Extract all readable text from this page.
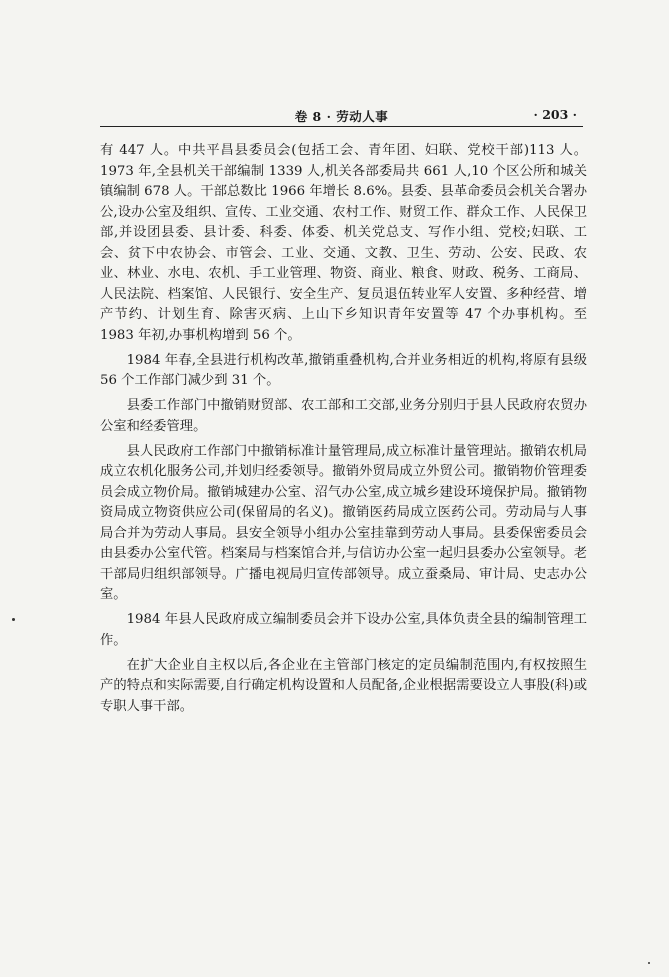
卷 8 · 劳动人事	· 203 ·

有 447 人。中共平昌县委员会(包括工会、青年团、妇联、党校干部)113 人。1973 年,全县机关干部编制 1339 人,机关各部委局共 661 人,10 个区公所和城关镇编制 678 人。干部总数比 1966 年增长 8.6%。县委、县革命委员会机关合署办公,设办公室及组织、宣传、工业交通、农村工作、财贸工作、群众工作、人民保卫部,并设团县委、县计委、科委、体委、机关党总支、写作小组、党校;妇联、工会、贫下中农协会、市管会、工业、交通、文教、卫生、劳动、公安、民政、农业、林业、水电、农机、手工业管理、物资、商业、粮食、财政、税务、工商局、人民法院、档案馆、人民银行、安全生产、复员退伍转业军人安置、多种经营、增产节约、计划生育、除害灭病、上山下乡知识青年安置等 47 个办事机构。至 1983 年初,办事机构增到 56 个。

1984 年春,全县进行机构改革,撤销重叠机构,合并业务相近的机构,将原有县级 56 个工作部门减少到 31 个。

县委工作部门中撤销财贸部、农工部和工交部,业务分别归于县人民政府农贸办公室和经委管理。

县人民政府工作部门中撤销标准计量管理局,成立标准计量管理站。撤销农机局成立农机化服务公司,并划归经委领导。撤销外贸局成立外贸公司。撤销物价管理委员会成立物价局。撤销城建办公室、沼气办公室,成立城乡建设环境保护局。撤销物资局成立物资供应公司(保留局的名义)。撤销医药局成立医药公司。劳动局与人事局合并为劳动人事局。县安全领导小组办公室挂靠到劳动人事局。县委保密委员会由县委办公室代管。档案局与档案馆合并,与信访办公室一起归县委办公室领导。老干部局归组织部领导。广播电视局归宣传部领导。成立蚕桑局、审计局、史志办公室。

1984 年县人民政府成立编制委员会并下设办公室,具体负责全县的编制管理工作。

在扩大企业自主权以后,各企业在主管部门核定的定员编制范围内,有权按照生产的特点和实际需要,自行确定机构设置和人员配备,企业根据需要设立人事股(科)或专职人事干部。
